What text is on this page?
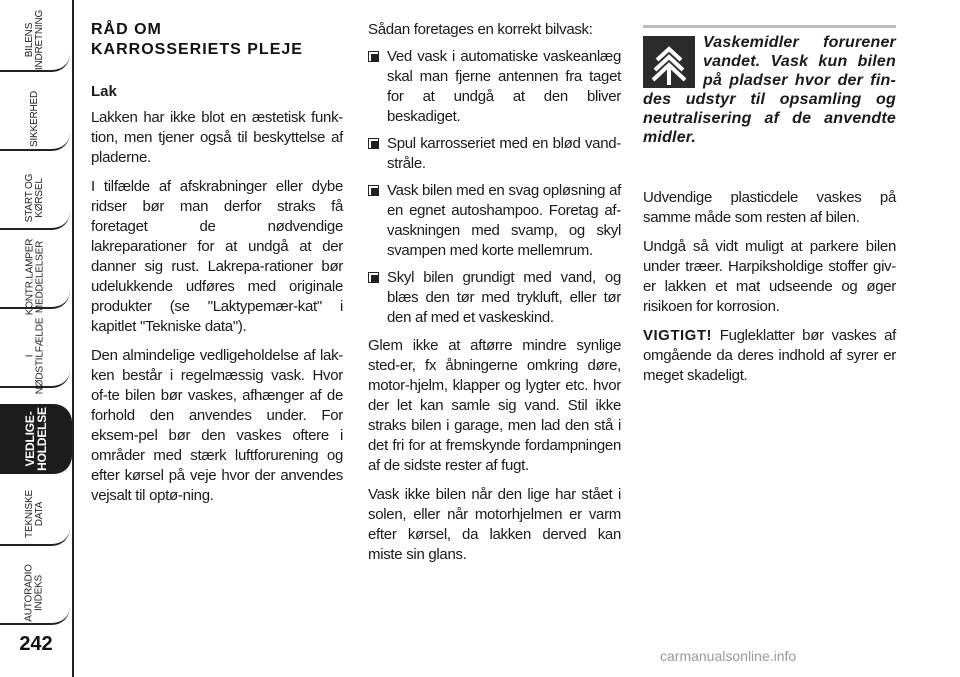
BILENS
INDRETNING
SIKKERHED
START OG
KØRSEL
KONTR.LAMPER
MEDDELELSER
I NØDSTILFÆLDE
VEDLIGE-
HOLDELSE
TEKNISKE DATA
AUTORADIO
INDEKS
242
RÅD OM
KARROSSERIETS PLEJE
Lak

Lakken har ikke blot en æstetisk funk-tion, men tjener også til beskyttelse af pladerne.

I tilfælde af afskrabninger eller dybe ridser bør man derfor straks få foretaget de nødvendige lakreparationer for at undgå at der danner sig rust. Lakrepa-rationer bør udelukkende udføres med originale produkter (se "Laktypemær-kat" i kapitlet "Tekniske data").

Den almindelige vedligeholdelse af lak-ken består i regelmæssig vask. Hvor of-te bilen bør vaskes, afhænger af de forhold den anvendes under. For eksem-pel bør den vaskes oftere i områder med stærk luftforurening og efter kørsel på veje hvor der anvendes vejsalt til optø-ning.

Sådan foretages en korrekt bilvask:

Ved vask i automatiske vaskeanlæg skal man fjerne antennen fra taget for at undgå at den bliver beskadiget.
Spul karrosseriet med en blød vand-stråle.
Vask bilen med en svag opløsning af en egnet autoshampoo. Foretag af-vaskningen med svamp, og skyl svampen med korte mellemrum.
Skyl bilen grundigt med vand, og blæs den tør med trykluft, eller tør den af med et vaskeskind.

Glem ikke at aftørre mindre synlige sted-er, fx åbningerne omkring døre, motor-hjelm, klapper og lygter etc. hvor der let kan samle sig vand. Stil ikke straks bilen i garage, men lad den stå i det fri for at fremskynde fordampningen af de sidste rester af fugt.

Vask ikke bilen når den lige har stået i solen, eller når motorhjelmen er varm efter kørsel, da lakken derved kan miste sin glans.

Vaskemidler forurener vandet. Vask kun bilen på pladser hvor der fin-des udstyr til opsamling og neutralisering af de anvendte midler.

Udvendige plasticdele vaskes på samme måde som resten af bilen.

Undgå så vidt muligt at parkere bilen under træer. Harpiksholdige stoffer giv-er lakken et mat udseende og øger risikoen for korrosion.

VIGTIGT! Fugleklatter bør vaskes af omgående da deres indhold af syrer er meget skadeligt.

carmanualsonline.info
